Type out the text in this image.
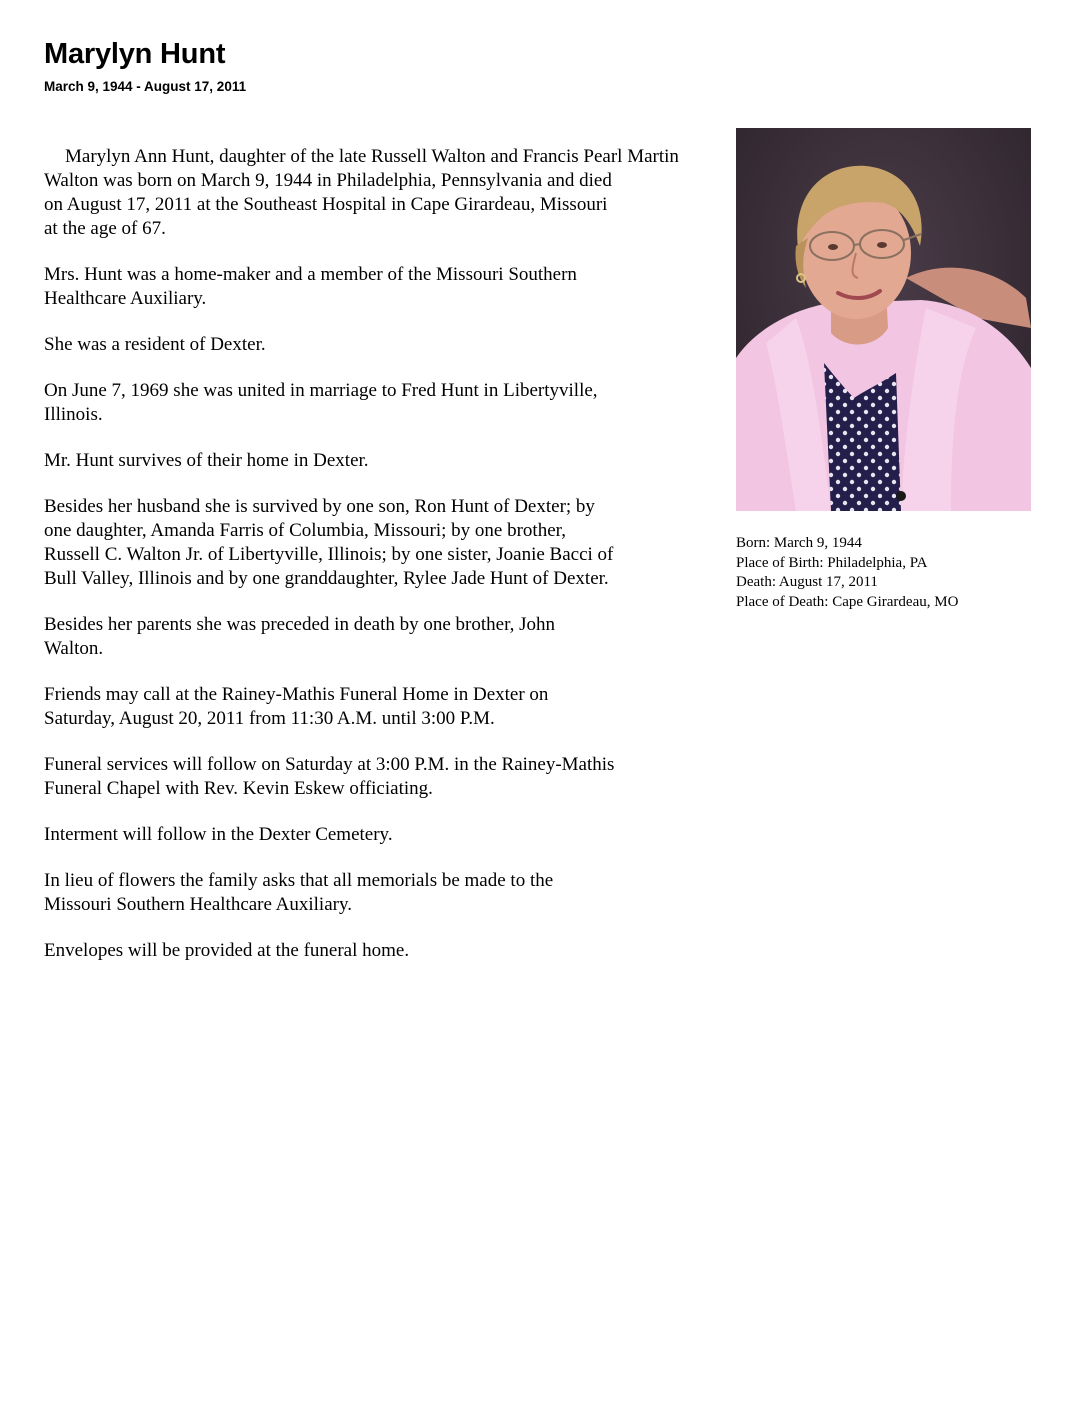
Marylyn Hunt

March 9, 1944 - August 17, 2011

Marylyn Ann Hunt, daughter of the late Russell Walton and Francis Pearl Martin
Walton was born on March 9, 1944 in Philadelphia, Pennsylvania and died
on August 17, 2011 at the Southeast Hospital in Cape Girardeau, Missouri
at the age of 67.

Mrs. Hunt was a home-maker and a member of the Missouri Southern
Healthcare Auxiliary.

She was a resident of Dexter.

On June 7, 1969 she was united in marriage to Fred Hunt in Libertyville,
Illinois.

Mr. Hunt survives of their home in Dexter.

Besides her husband she is survived by one son, Ron Hunt of Dexter; by
one daughter, Amanda Farris of Columbia, Missouri; by one brother,
Russell C. Walton Jr. of Libertyville, Illinois; by one sister, Joanie Bacci of
Bull Valley, Illinois and by one granddaughter, Rylee Jade Hunt of Dexter.

Besides her parents she was preceded in death by one brother, John
Walton.

Friends may call at the Rainey-Mathis Funeral Home in Dexter on
Saturday, August 20, 2011 from 11:30 A.M. until 3:00 P.M.

Funeral services will follow on Saturday at 3:00 P.M. in the Rainey-Mathis
Funeral Chapel with Rev. Kevin Eskew officiating.

Interment will follow in the Dexter Cemetery.

In lieu of flowers the family asks that all memorials be made to the
Missouri Southern Healthcare Auxiliary.

Envelopes will be provided at the funeral home.

Born: March 9, 1944
Place of Birth: Philadelphia, PA
Death: August 17, 2011
Place of Death: Cape Girardeau, MO
